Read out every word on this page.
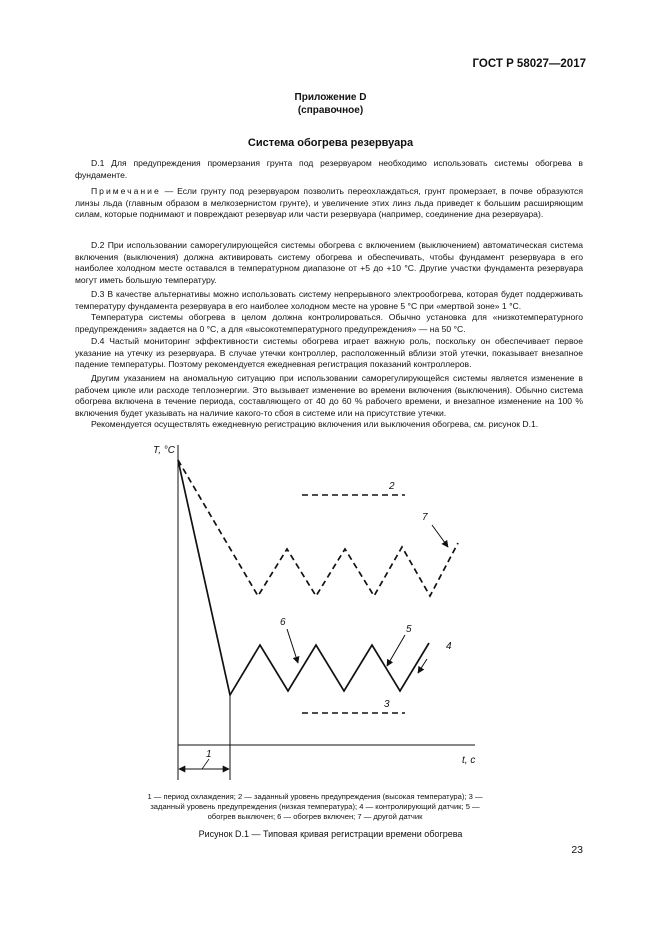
ГОСТ Р 58027—2017
Приложение D
(справочное)
Система обогрева резервуара
D.1 Для предупреждения промерзания грунта под резервуаром необходимо использовать системы обогрева в фундаменте.
Примечание — Если грунту под резервуаром позволить переохлаждаться, грунт промерзает, в почве образуются линзы льда (главным образом в мелкозернистом грунте), и увеличение этих линз льда приведет к большим расширяющим силам, которые поднимают и повреждают резервуар или части резервуара (например, соединение дна резервуара).
D.2 При использовании саморегулирующейся системы обогрева с включением (выключением) автоматическая система включения (выключения) должна активировать систему обогрева и обеспечивать, чтобы фундамент резервуара в его наиболее холодном месте оставался в температурном диапазоне от +5 до +10 °С. Другие участки фундамента резервуара могут иметь большую температуру.
D.3 В качестве альтернативы можно использовать систему непрерывного электрообогрева, которая будет поддерживать температуру фундамента резервуара в его наиболее холодном месте на уровне 5 °С при «мертвой зоне» 1 °С.
Температура системы обогрева в целом должна контролироваться. Обычно установка для «низкотемпературного предупреждения» задается на 0 °С, а для «высокотемпературного предупреждения» — на 50 °С.
D.4 Частый мониторинг эффективности системы обогрева играет важную роль, поскольку он обеспечивает первое указание на утечку из резервуара. В случае утечки контроллер, расположенный вблизи этой утечки, показывает внезапное падение температуры. Поэтому рекомендуется ежедневная регистрация показаний контроллеров.
Другим указанием на аномальную ситуацию при использовании саморегулирующейся системы является изменение в рабочем цикле или расходе теплоэнергии. Это вызывает изменение во времени включения (выключения). Обычно система обогрева включена в течение периода, составляющего от 40 до 60 % рабочего времени, и внезапное изменение на 100 % включения будет указывать на наличие какого-то сбоя в системе или на присутствие утечки.
Рекомендуется осуществлять ежедневную регистрацию включения или выключения обогрева, см. рисунок D.1.
T, °C
t, c
1
2
3
4
5
6
7
1 — период охлаждения; 2 — заданный уровень предупреждения (высокая температура); 3 — заданный уровень предупреждения (низкая температура); 4 — контролирующий датчик; 5 — обогрев выключен; 6 — обогрев включен; 7 — другой датчик
Рисунок D.1 — Типовая кривая регистрации времени обогрева
23
